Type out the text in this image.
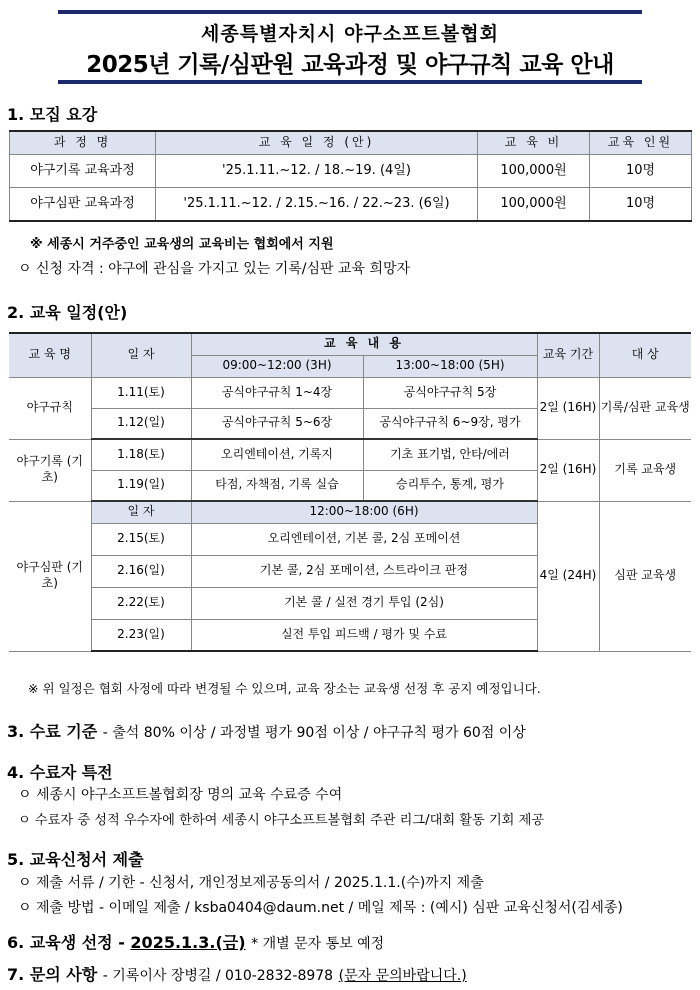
세종특별자치시 야구소프트볼협회
2025년 기록/심판원 교육과정 및 야구규칙 교육 안내
1. 모집 요강
과 정 명	교 육 일 정 (안)	교 육 비	교육 인원
야구기록 교육과정	'25.1.11.~12. / 18.~19. (4일)	100,000원	10명
야구심판 교육과정	'25.1.11.~12. / 2.15.~16. / 22.~23. (6일)	100,000원	10명
※ 세종시 거주중인 교육생의 교육비는 협회에서 지원
ㅇ 신청 자격 : 야구에 관심을 가지고 있는 기록/심판 교육 희망자
2. 교육 일정(안)
교 육 명	일 자	교 육 내 용		교육 기간	대 상
		09:00~12:00 (3H)	13:00~18:00 (5H)		
야구규칙	1.11(토)	공식야구규칙 1~4장	공식야구규칙 5장	2일 (16H)	기록/심판 교육생
	1.12(일)	공식야구규칙 5~6장	공식야구규칙 6~9장, 평가		
야구기록 (기초)	1.18(토)	오리엔테이션, 기록지	기초 표기법, 안타/에러	2일 (16H)	기록 교육생
	1.19(일)	타점, 자책점, 기록 실습	승리투수, 통계, 평가		
야구심판 (기초)	일 자	12:00~18:00 (6H)		4일 (24H)	심판 교육생
	2.15(토)	오리엔테이션, 기본 콜, 2심 포메이션			
	2.16(일)	기본 콜, 2심 포메이션, 스트라이크 판정			
	2.22(토)	기본 콜 / 실전 경기 투입 (2심)			
	2.23(일)	실전 투입 피드백 / 평가 및 수료			
※ 위 일정은 협회 사정에 따라 변경될 수 있으며, 교육 장소는 교육생 선정 후 공지 예정입니다.
3. 수료 기준 - 출석 80% 이상 / 과정별 평가 90점 이상 / 야구규칙 평가 60점 이상
4. 수료자 특전
ㅇ 세종시 야구소프트볼협회장 명의 교육 수료증 수여
ㅇ 수료자 중 성적 우수자에 한하여 세종시 야구소프트볼협회 주관 리그/대회 활동 기회 제공
5. 교육신청서 제출
ㅇ 제출 서류 / 기한 - 신청서, 개인정보제공동의서 / 2025.1.1.(수)까지 제출
ㅇ 제출 방법 - 이메일 제출 / ksba0404@daum.net / 메일 제목 : (예시) 심판 교육신청서(김세종)
6. 교육생 선정 - 2025.1.3.(금) * 개별 문자 통보 예정
7. 문의 사항 - 기록이사 장병길 / 010-2832-8978 (문자 문의바랍니다.)
